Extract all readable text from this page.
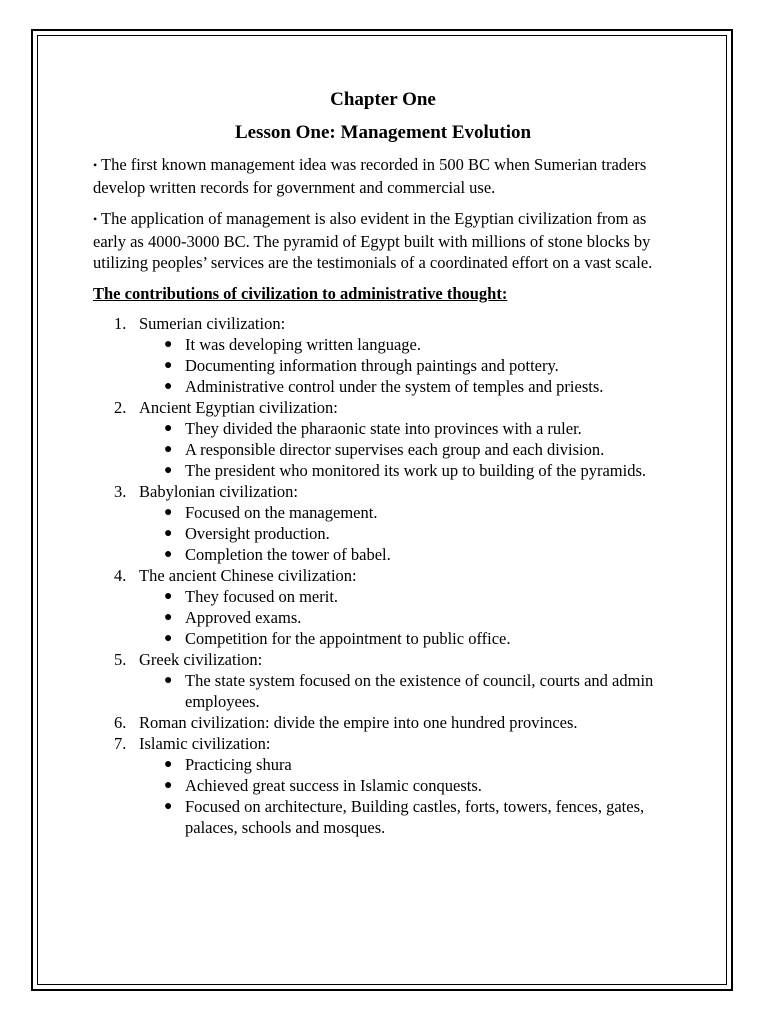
Chapter One
Lesson One: Management Evolution

• The first known management idea was recorded in 500 BC when Sumerian traders develop written records for government and commercial use.

• The application of management is also evident in the Egyptian civilization from as early as 4000-3000 BC. The pyramid of Egypt built with millions of stone blocks by utilizing peoples’ services are the testimonials of a coordinated effort on a vast scale.

The contributions of civilization to administrative thought:

1. Sumerian civilization:
● It was developing written language.
● Documenting information through paintings and pottery.
● Administrative control under the system of temples and priests.
2. Ancient Egyptian civilization:
● They divided the pharaonic state into provinces with a ruler.
● A responsible director supervises each group and each division.
● The president who monitored its work up to building of the pyramids.
3. Babylonian civilization:
● Focused on the management.
● Oversight production.
● Completion the tower of babel.
4. The ancient Chinese civilization:
● They focused on merit.
● Approved exams.
● Competition for the appointment to public office.
5. Greek civilization:
● The state system focused on the existence of council, courts and admin employees.
6. Roman civilization: divide the empire into one hundred provinces.
7. Islamic civilization:
● Practicing shura
● Achieved great success in Islamic conquests.
● Focused on architecture, Building castles, forts, towers, fences, gates, palaces, schools and mosques.
